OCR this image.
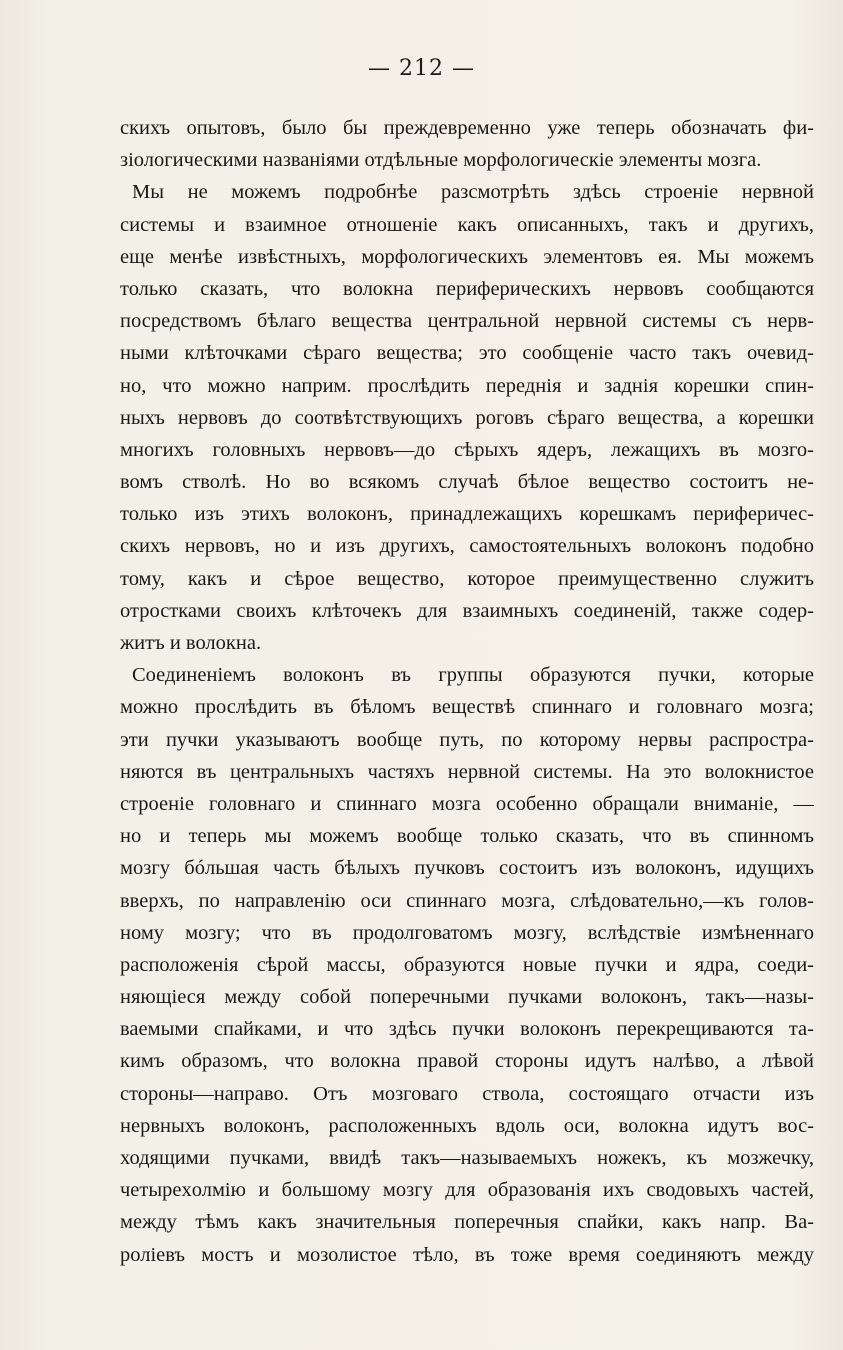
— 212 —
скихъ опытовъ, было бы преждевременно уже теперь обозначать фи-
зіологическими названіями отдѣльные морфологическіе элементы мозга.
Мы не можемъ подробнѣе разсмотрѣть здѣсь строеніе нервной
системы и взаимное отношеніе какъ описанныхъ, такъ и другихъ,
еще менѣе извѣстныхъ, морфологическихъ элементовъ ея. Мы можемъ
только сказать, что волокна периферическихъ нервовъ сообщаются
посредствомъ бѣлаго вещества центральной нервной системы съ нерв-
ными клѣточками сѣраго вещества; это сообщеніе часто такъ очевид-
но, что можно наприм. прослѣдить переднія и заднія корешки спин-
ныхъ нервовъ до соотвѣтствующихъ роговъ сѣраго вещества, а корешки
многихъ головныхъ нервовъ—до сѣрыхъ ядеръ, лежащихъ въ мозго-
вомъ стволѣ. Но во всякомъ случаѣ бѣлое вещество состоитъ не-
только изъ этихъ волоконъ, принадлежащихъ корешкамъ периферичес-
скихъ нервовъ, но и изъ другихъ, самостоятельныхъ волоконъ подобно
тому, какъ и сѣрое вещество, которое преимущественно служитъ
отростками своихъ клѣточекъ для взаимныхъ соединеній, также содер-
житъ и волокна.
Соединеніемъ волоконъ въ группы образуются пучки, которые
можно прослѣдить въ бѣломъ веществѣ спиннаго и головнаго мозга;
эти пучки указываютъ вообще путь, по которому нервы распростра-
няются въ центральныхъ частяхъ нервной системы. На это волокнистое
строеніе головнаго и спиннаго мозга особенно обращали вниманіе, —
но и теперь мы можемъ вообще только сказать, что въ спинномъ
мозгу бóльшая часть бѣлыхъ пучковъ состоитъ изъ волоконъ, идущихъ
вверхъ, по направленію оси спиннаго мозга, слѣдовательно,—къ голов-
ному мозгу; что въ продолговатомъ мозгу, вслѣдствіе измѣненнаго
расположенія сѣрой массы, образуются новые пучки и ядра, соеди-
няющіеся между собой поперечными пучками волоконъ, такъ—назы-
ваемыми спайками, и что здѣсь пучки волоконъ перекрещиваются та-
кимъ образомъ, что волокна правой стороны идутъ налѣво, а лѣвой
стороны—направо. Отъ мозговаго ствола, состоящаго отчасти изъ
нервныхъ волоконъ, расположенныхъ вдоль оси, волокна идутъ вос-
ходящими пучками, ввидѣ такъ—называемыхъ ножекъ, къ мозжечку,
четыреxолмію и большому мозгу для образованія ихъ сводовыхъ частей,
между тѣмъ какъ значительныя поперечныя спайки, какъ напр. Ва-
роліевъ мостъ и мозолистое тѣло, въ тоже время соединяютъ между
